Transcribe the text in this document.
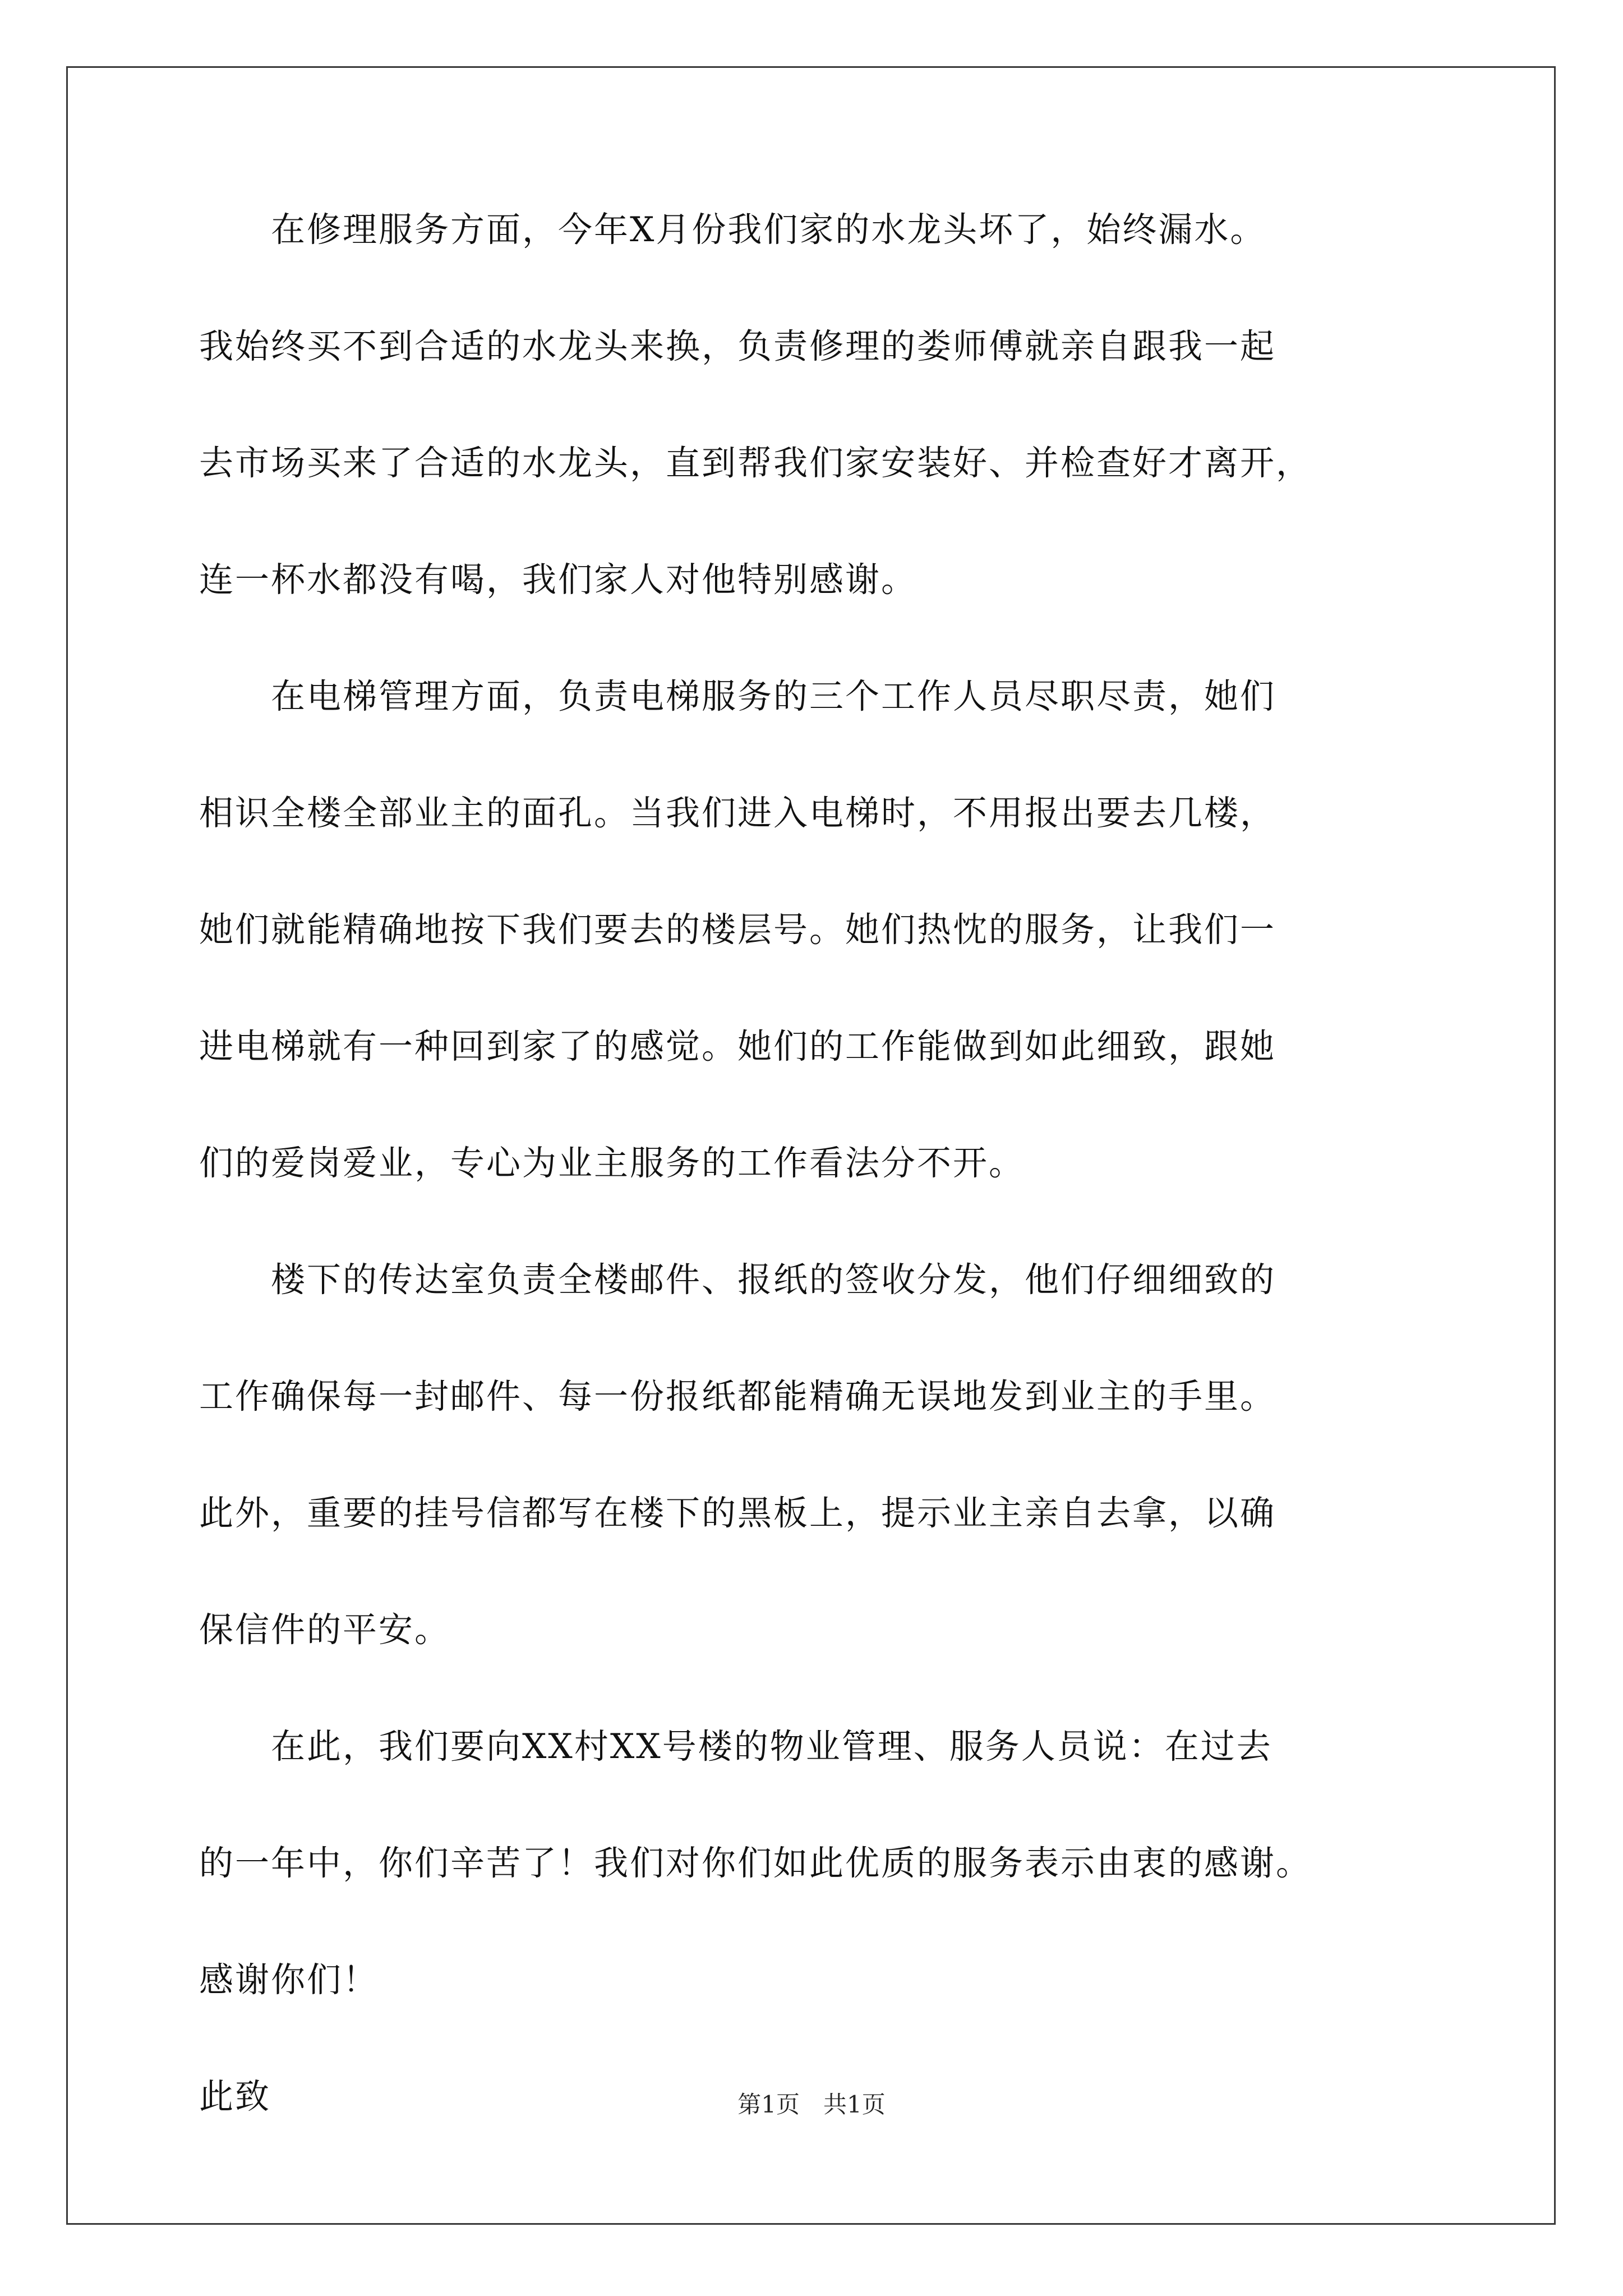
　　在修理服务方面，今年X月份我们家的水龙头坏了，始终漏水。
我始终买不到合适的水龙头来换，负责修理的娄师傅就亲自跟我一起
去市场买来了合适的水龙头，直到帮我们家安装好、并检查好才离开，
连一杯水都没有喝，我们家人对他特别感谢。
　　在电梯管理方面，负责电梯服务的三个工作人员尽职尽责，她们
相识全楼全部业主的面孔。当我们进入电梯时，不用报出要去几楼，
她们就能精确地按下我们要去的楼层号。她们热忱的服务，让我们一
进电梯就有一种回到家了的感觉。她们的工作能做到如此细致，跟她
们的爱岗爱业，专心为业主服务的工作看法分不开。
　　楼下的传达室负责全楼邮件、报纸的签收分发，他们仔细细致的
工作确保每一封邮件、每一份报纸都能精确无误地发到业主的手里。
此外，重要的挂号信都写在楼下的黑板上，提示业主亲自去拿，以确
保信件的平安。
　　在此，我们要向XX村XX号楼的物业管理、服务人员说：在过去
的一年中，你们辛苦了！我们对你们如此优质的服务表示由衷的感谢。
感谢你们！
此致	第1页　共1页
